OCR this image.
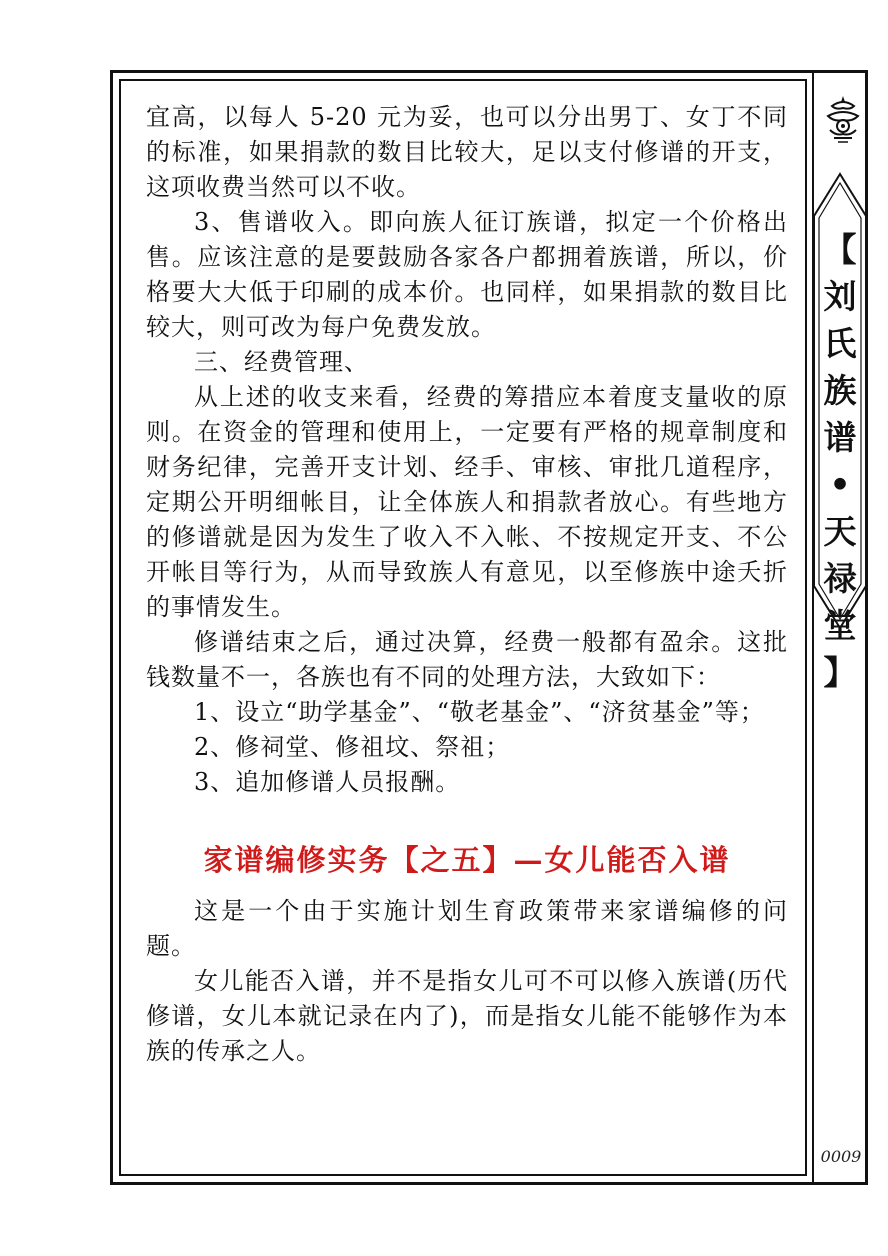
宜高，以每人 5-20 元为妥，也可以分出男丁、女丁不同的标准，如果捐款的数目比较大，足以支付修谱的开支，这项收费当然可以不收。

3、售谱收入。即向族人征订族谱，拟定一个价格出售。应该注意的是要鼓励各家各户都拥着族谱，所以，价格要大大低于印刷的成本价。也同样，如果捐款的数目比较大，则可改为每户免费发放。

三、经费管理、

从上述的收支来看，经费的筹措应本着度支量收的原则。在资金的管理和使用上，一定要有严格的规章制度和财务纪律，完善开支计划、经手、审核、审批几道程序，定期公开明细帐目，让全体族人和捐款者放心。有些地方的修谱就是因为发生了收入不入帐、不按规定开支、不公开帐目等行为，从而导致族人有意见，以至修族中途夭折的事情发生。

修谱结束之后，通过决算，经费一般都有盈余。这批钱数量不一，各族也有不同的处理方法，大致如下：

1、设立“助学基金”、“敬老基金”、“济贫基金”等；

2、修祠堂、修祖坟、祭祖；

3、追加修谱人员报酬。

家谱编修实务【之五】—女儿能否入谱

这是一个由于实施计划生育政策带来家谱编修的问题。

女儿能否入谱，并不是指女儿可不可以修入族谱(历代修谱，女儿本就记录在内了)，而是指女儿能不能够作为本族的传承之人。

【
刘
氏
族
谱
•
天
禄
堂
】
0009
